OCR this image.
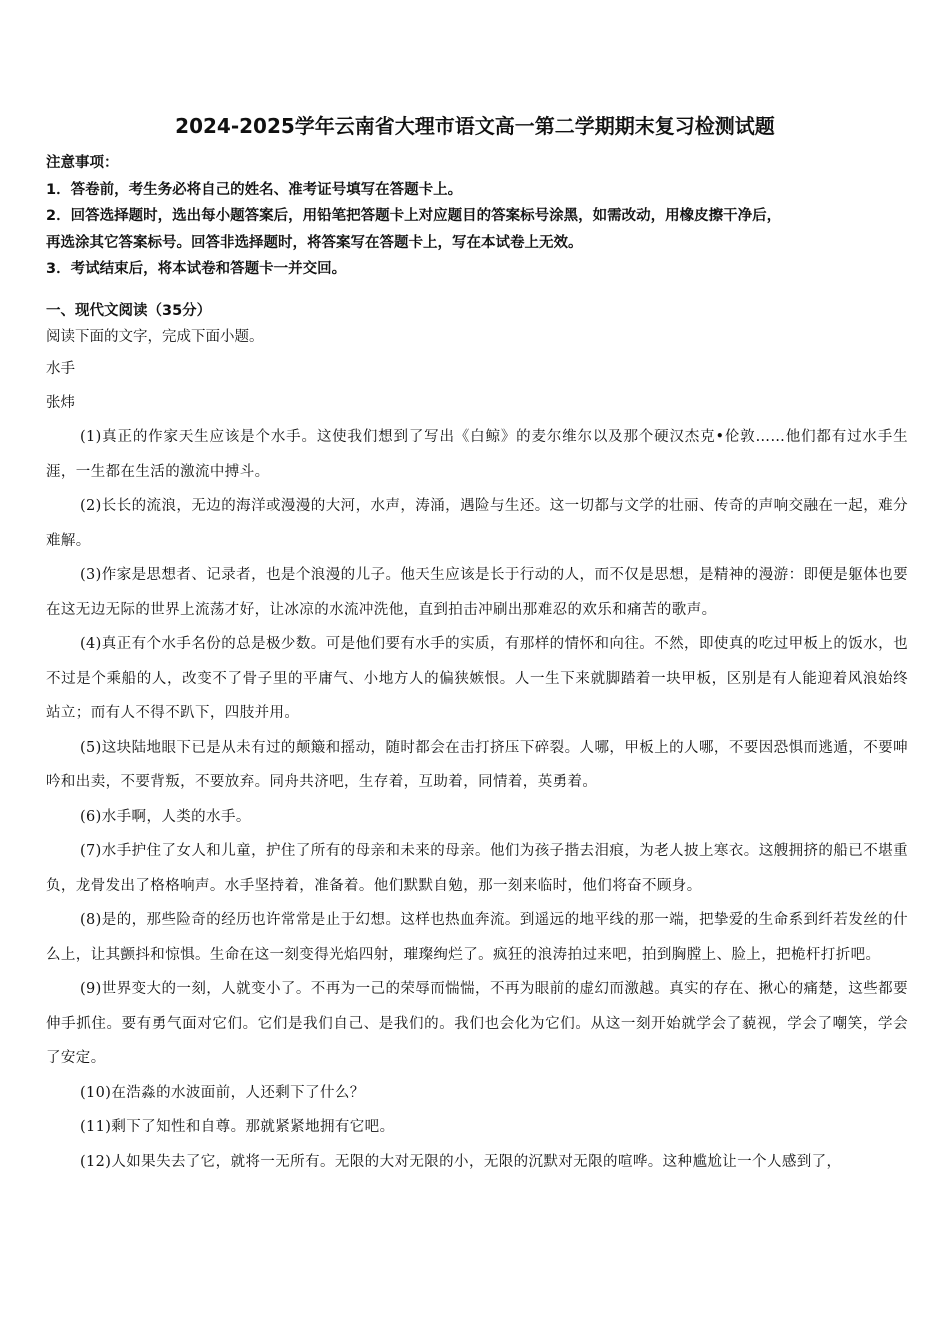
2024-2025学年云南省大理市语文高一第二学期期末复习检测试题
注意事项：
1．答卷前，考生务必将自己的姓名、准考证号填写在答题卡上。
2．回答选择题时，选出每小题答案后，用铅笔把答题卡上对应题目的答案标号涂黑，如需改动，用橡皮擦干净后，
再选涂其它答案标号。回答非选择题时，将答案写在答题卡上，写在本试卷上无效。
3．考试结束后，将本试卷和答题卡一并交回。
一、现代文阅读（35分）
阅读下面的文字，完成下面小题。
水手
张炜

(1)真正的作家天生应该是个水手。这使我们想到了写出《白鲸》的麦尔维尔以及那个硬汉杰克•伦敦……他们都有过水手生涯，一生都在生活的激流中搏斗。

(2)长长的流浪，无边的海洋或漫漫的大河，水声，涛涌，遇险与生还。这一切都与文学的壮丽、传奇的声响交融在一起，难分难解。

(3)作家是思想者、记录者，也是个浪漫的儿子。他天生应该是长于行动的人，而不仅是思想，是精神的漫游：即便是躯体也要在这无边无际的世界上流荡才好，让冰凉的水流冲洗他，直到拍击冲刷出那难忍的欢乐和痛苦的歌声。

(4)真正有个水手名份的总是极少数。可是他们要有水手的实质，有那样的情怀和向往。不然，即使真的吃过甲板上的饭水，也不过是个乘船的人，改变不了骨子里的平庸气、小地方人的偏狭嫉恨。人一生下来就脚踏着一块甲板，区别是有人能迎着风浪始终站立；而有人不得不趴下，四肢并用。

(5)这块陆地眼下已是从未有过的颠簸和摇动，随时都会在击打挤压下碎裂。人哪，甲板上的人哪，不要因恐惧而逃遁，不要呻吟和出卖，不要背叛，不要放弃。同舟共济吧，生存着，互助着，同情着，英勇着。

(6)水手啊，人类的水手。

(7)水手护住了女人和儿童，护住了所有的母亲和未来的母亲。他们为孩子揩去泪痕，为老人披上寒衣。这艘拥挤的船已不堪重负，龙骨发出了格格响声。水手坚持着，准备着。他们默默自勉，那一刻来临时，他们将奋不顾身。

(8)是的，那些险奇的经历也许常常是止于幻想。这样也热血奔流。到遥远的地平线的那一端，把挚爱的生命系到纤若发丝的什么上，让其颤抖和惊惧。生命在这一刻变得光焰四射，璀璨绚烂了。疯狂的浪涛拍过来吧，拍到胸膛上、脸上，把桅杆打折吧。

(9)世界变大的一刻，人就变小了。不再为一己的荣辱而惴惴，不再为眼前的虚幻而激越。真实的存在、揪心的痛楚，这些都要伸手抓住。要有勇气面对它们。它们是我们自己、是我们的。我们也会化为它们。从这一刻开始就学会了藐视，学会了嘲笑，学会了安定。

(10)在浩淼的水波面前，人还剩下了什么？

(11)剩下了知性和自尊。那就紧紧地拥有它吧。

(12)人如果失去了它，就将一无所有。无限的大对无限的小，无限的沉默对无限的喧哗。这种尴尬让一个人感到了，
